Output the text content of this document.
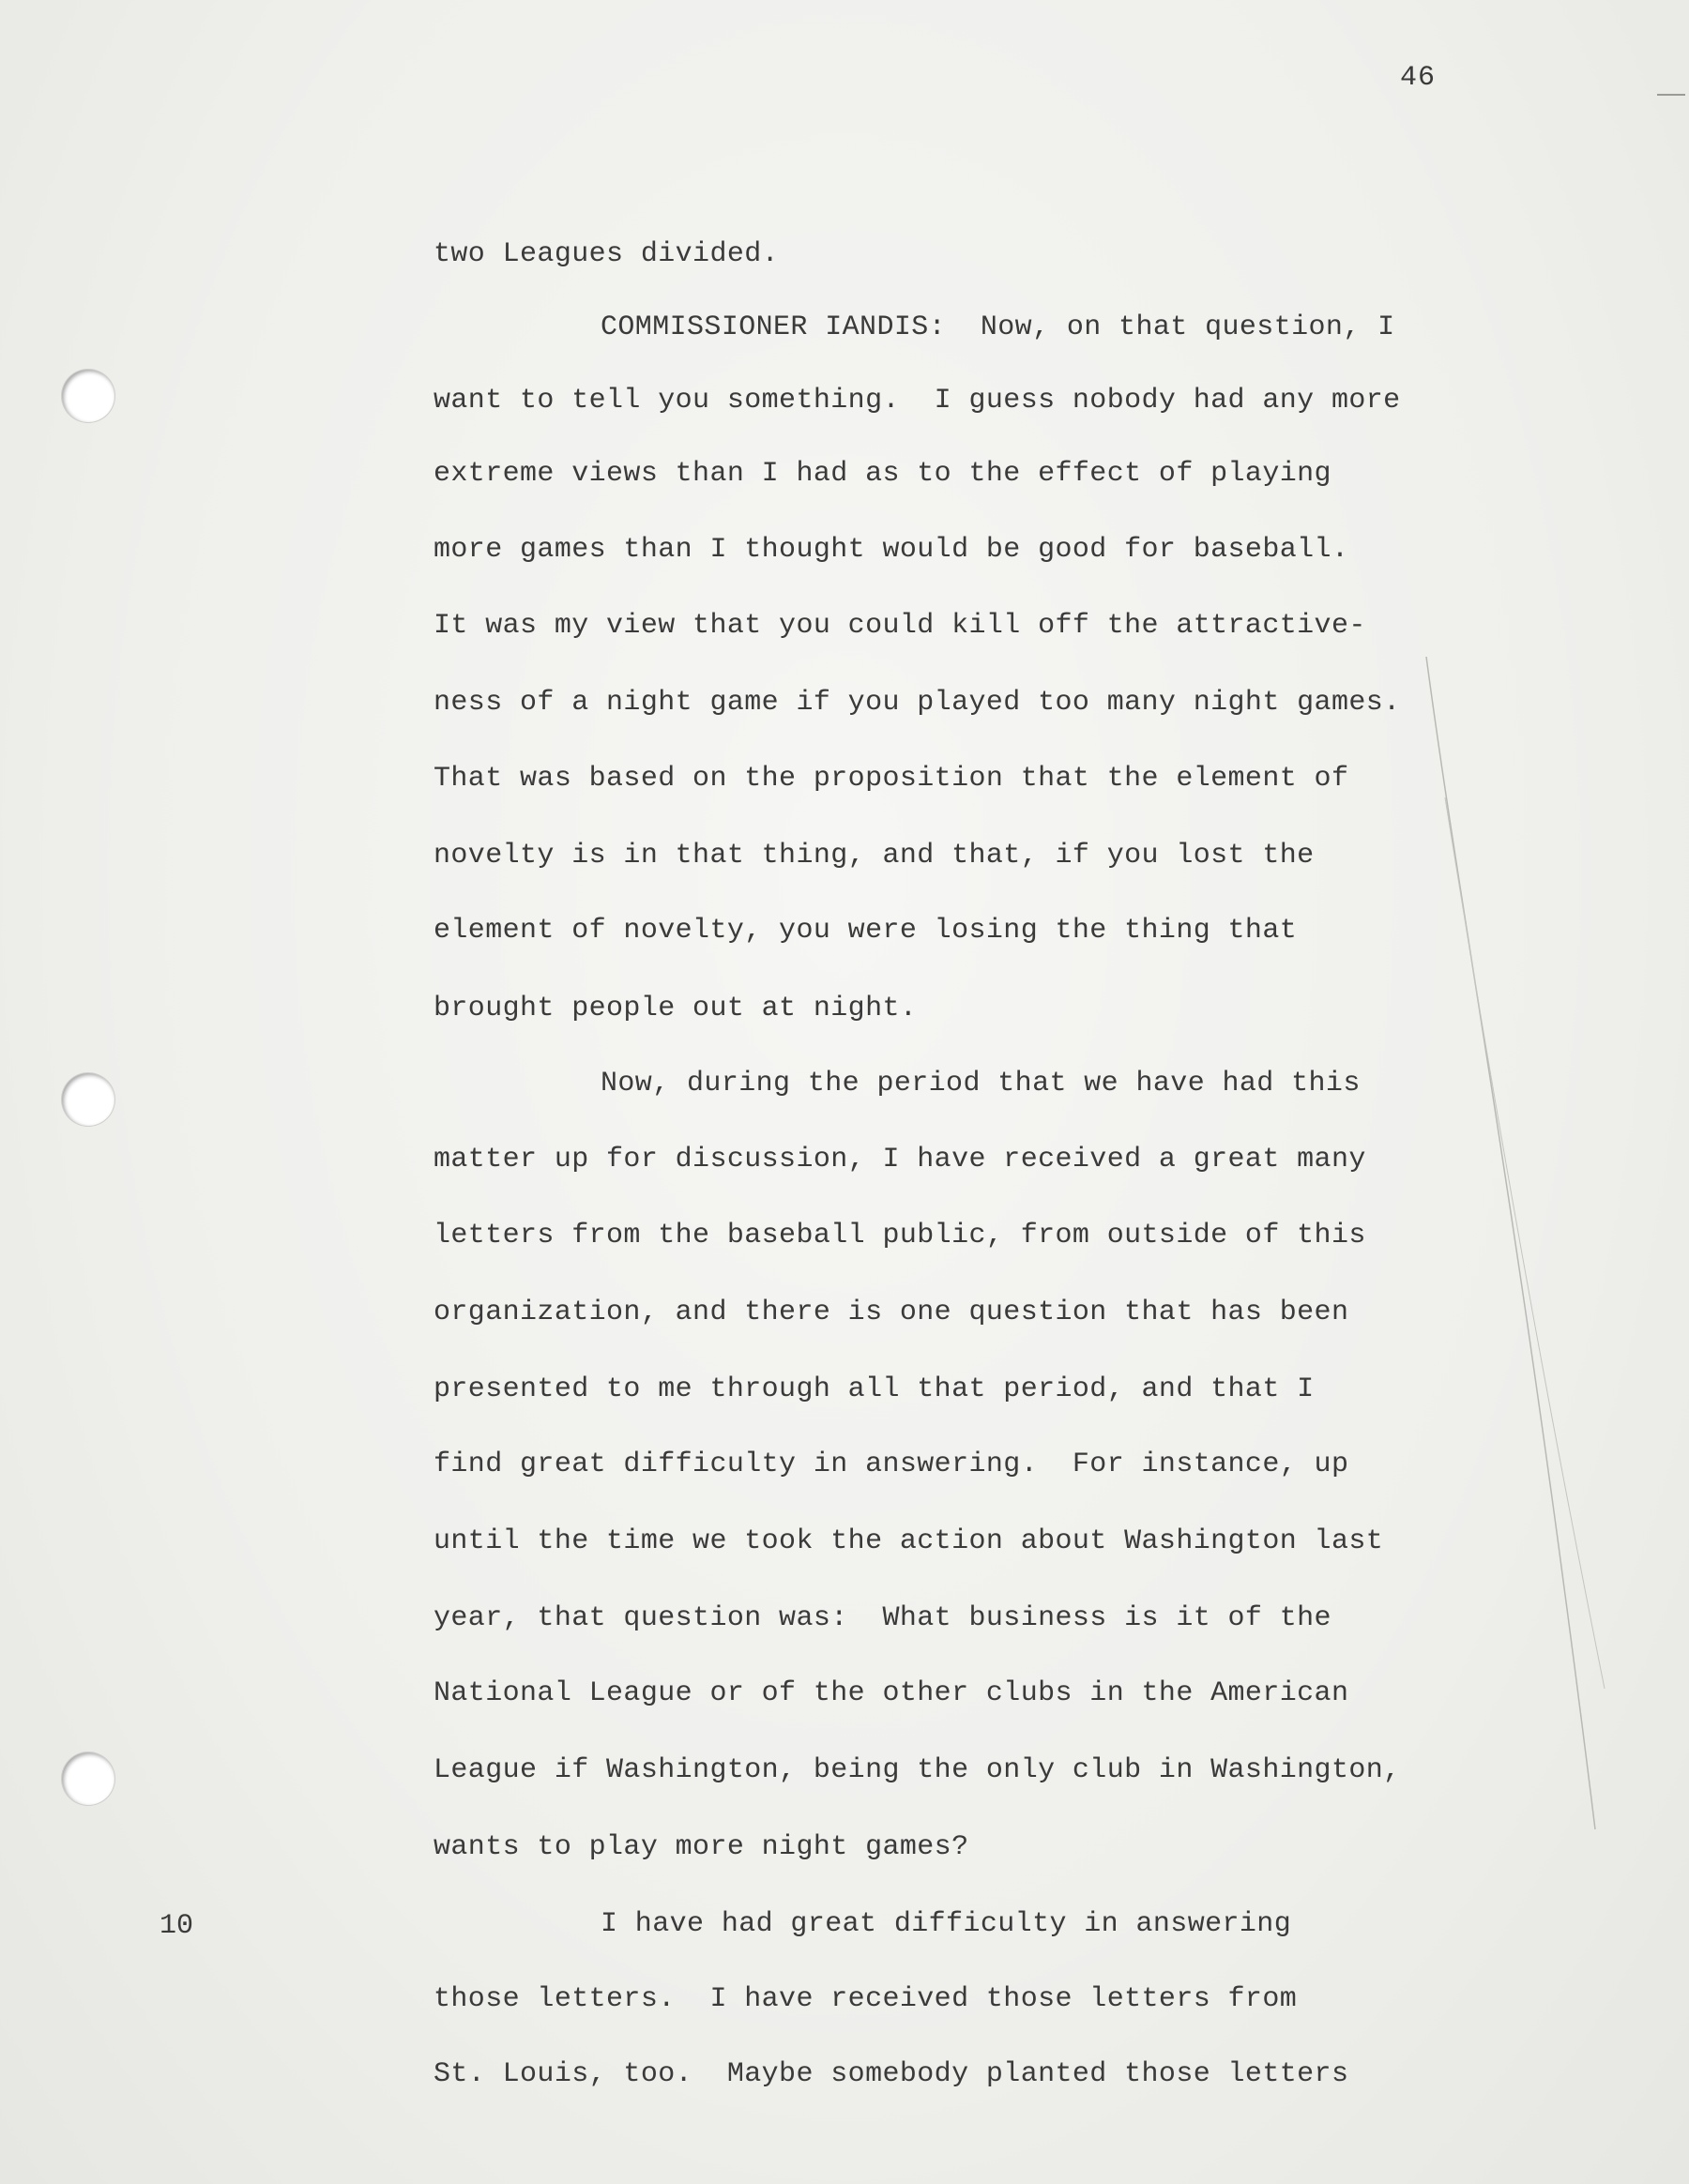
46
10
two Leagues divided.
COMMISSIONER IANDIS:  Now, on that question, I
want to tell you something.  I guess nobody had any more
extreme views than I had as to the effect of playing
more games than I thought would be good for baseball.
It was my view that you could kill off the attractive-
ness of a night game if you played too many night games.
That was based on the proposition that the element of
novelty is in that thing, and that, if you lost the
element of novelty, you were losing the thing that
brought people out at night.
Now, during the period that we have had this
matter up for discussion, I have received a great many
letters from the baseball public, from outside of this
organization, and there is one question that has been
presented to me through all that period, and that I
find great difficulty in answering.  For instance, up
until the time we took the action about Washington last
year, that question was:  What business is it of the
National League or of the other clubs in the American
League if Washington, being the only club in Washington,
wants to play more night games?
I have had great difficulty in answering
those letters.  I have received those letters from
St. Louis, too.  Maybe somebody planted those letters
